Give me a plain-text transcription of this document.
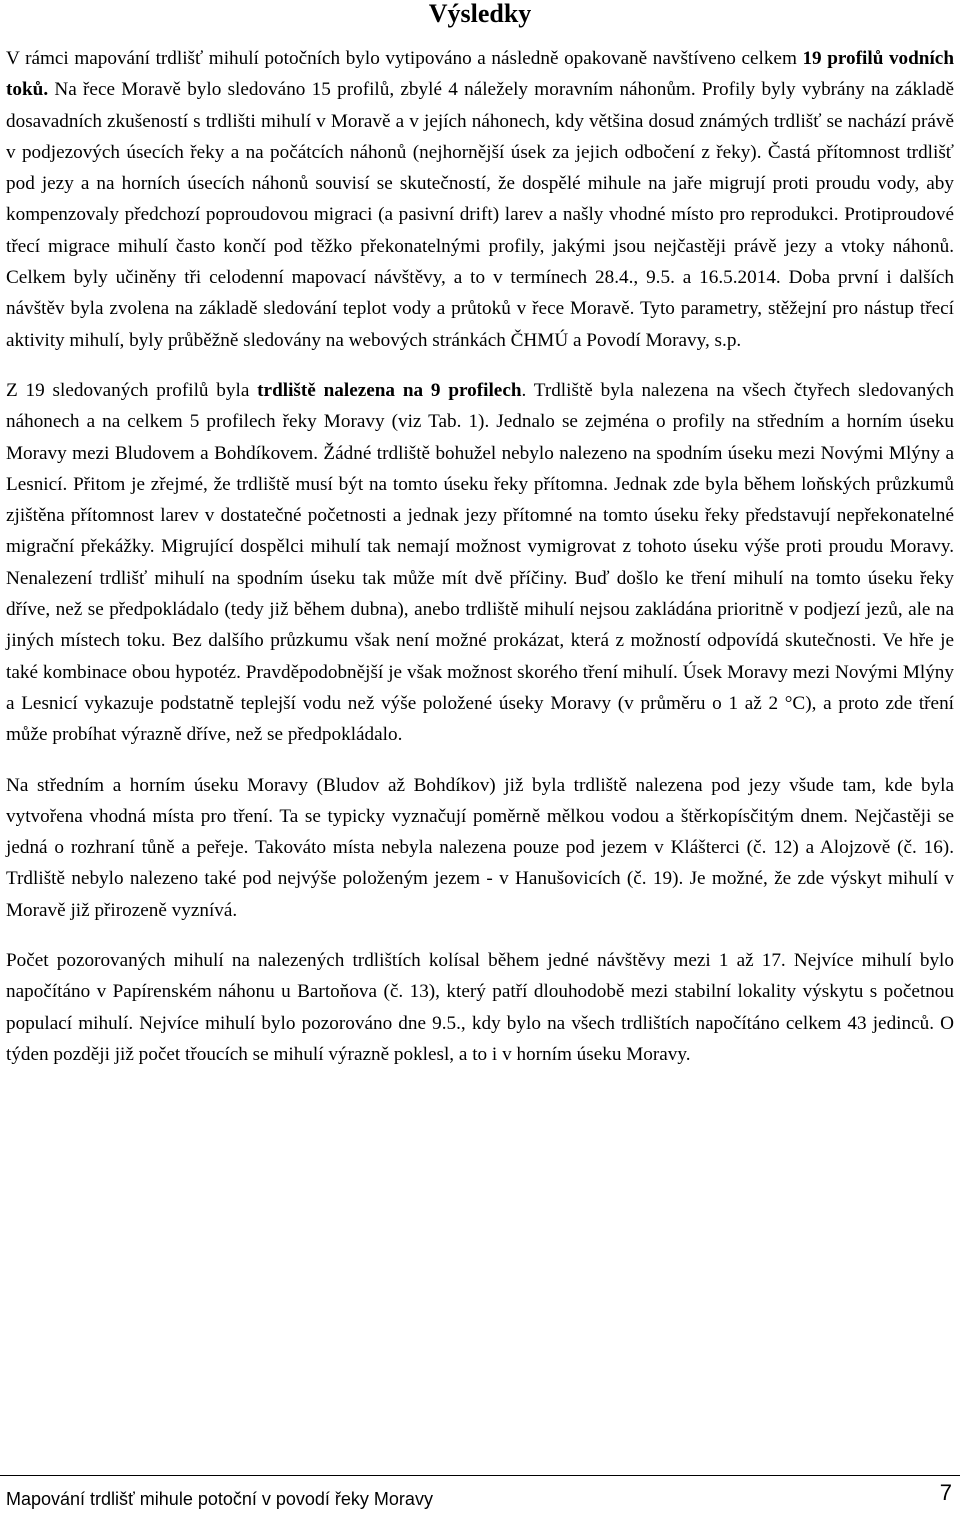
Výsledky

V rámci mapování trdlišť mihulí potočních bylo vytipováno a následně opakovaně navštíveno celkem 19 profilů vodních toků. Na řece Moravě bylo sledováno 15 profilů, zbylé 4 náležely moravním náhonům. Profily byly vybrány na základě dosavadních zkušeností s trdlišti mihulí v Moravě a v jejích náhonech, kdy většina dosud známých trdlišť se nachází právě v podjezových úsecích řeky a na počátcích náhonů (nejhornější úsek za jejich odbočení z řeky). Častá přítomnost trdlišť pod jezy a na horních úsecích náhonů souvisí se skutečností, že dospělé mihule na jaře migrují proti proudu vody, aby kompenzovaly předchozí poproudovou migraci (a pasivní drift) larev a našly vhodné místo pro reprodukci. Protiproudové třecí migrace mihulí často končí pod těžko překonatelnými profily, jakými jsou nejčastěji právě jezy a vtoky náhonů. Celkem byly učiněny tři celodenní mapovací návštěvy, a to v termínech 28.4., 9.5. a 16.5.2014. Doba první i dalších návštěv byla zvolena na základě sledování teplot vody a průtoků v řece Moravě. Tyto parametry, stěžejní pro nástup třecí aktivity mihulí, byly průběžně sledovány na webových stránkách ČHMÚ a Povodí Moravy, s.p.

Z 19 sledovaných profilů byla trdliště nalezena na 9 profilech. Trdliště byla nalezena na všech čtyřech sledovaných náhonech a na celkem 5 profilech řeky Moravy (viz Tab. 1). Jednalo se zejména o profily na středním a horním úseku Moravy mezi Bludovem a Bohdíkovem. Žádné trdliště bohužel nebylo nalezeno na spodním úseku mezi Novými Mlýny a Lesnicí. Přitom je zřejmé, že trdliště musí být na tomto úseku řeky přítomna. Jednak zde byla během loňských průzkumů zjištěna přítomnost larev v dostatečné početnosti a jednak jezy přítomné na tomto úseku řeky představují nepřekonatelné migrační překážky. Migrující dospělci mihulí tak nemají možnost vymigrovat z tohoto úseku výše proti proudu Moravy. Nenalezení trdlišť mihulí na spodním úseku tak může mít dvě příčiny. Buď došlo ke tření mihulí na tomto úseku řeky dříve, než se předpokládalo (tedy již během dubna), anebo trdliště mihulí nejsou zakládána prioritně v podjezí jezů, ale na jiných místech toku. Bez dalšího průzkumu však není možné prokázat, která z možností odpovídá skutečnosti. Ve hře je také kombinace obou hypotéz. Pravděpodobnější je však možnost skorého tření mihulí. Úsek Moravy mezi Novými Mlýny a Lesnicí vykazuje podstatně teplejší vodu než výše položené úseky Moravy (v průměru o 1 až 2 °C), a proto zde tření může probíhat výrazně dříve, než se předpokládalo.

Na středním a horním úseku Moravy (Bludov až Bohdíkov) již byla trdliště nalezena pod jezy všude tam, kde byla vytvořena vhodná místa pro tření. Ta se typicky vyznačují poměrně mělkou vodou a štěrkopísčitým dnem. Nejčastěji se jedná o rozhraní tůně a peřeje. Takováto místa nebyla nalezena pouze pod jezem v Klášterci (č. 12) a Alojzově (č. 16). Trdliště nebylo nalezeno také pod nejvýše položeným jezem - v Hanušovicích (č. 19). Je možné, že zde výskyt mihulí v Moravě již přirozeně vyznívá.

Počet pozorovaných mihulí na nalezených trdlištích kolísal během jedné návštěvy mezi 1 až 17. Nejvíce mihulí bylo napočítáno v Papírenském náhonu u Bartoňova (č. 13), který patří dlouhodobě mezi stabilní lokality výskytu s početnou populací mihulí. Nejvíce mihulí bylo pozorováno dne 9.5., kdy bylo na všech trdlištích napočítáno celkem 43 jedinců. O týden později již počet třoucích se mihulí výrazně poklesl, a to i v horním úseku Moravy.

Mapování trdlišť mihule potoční v povodí řeky Moravy	7
